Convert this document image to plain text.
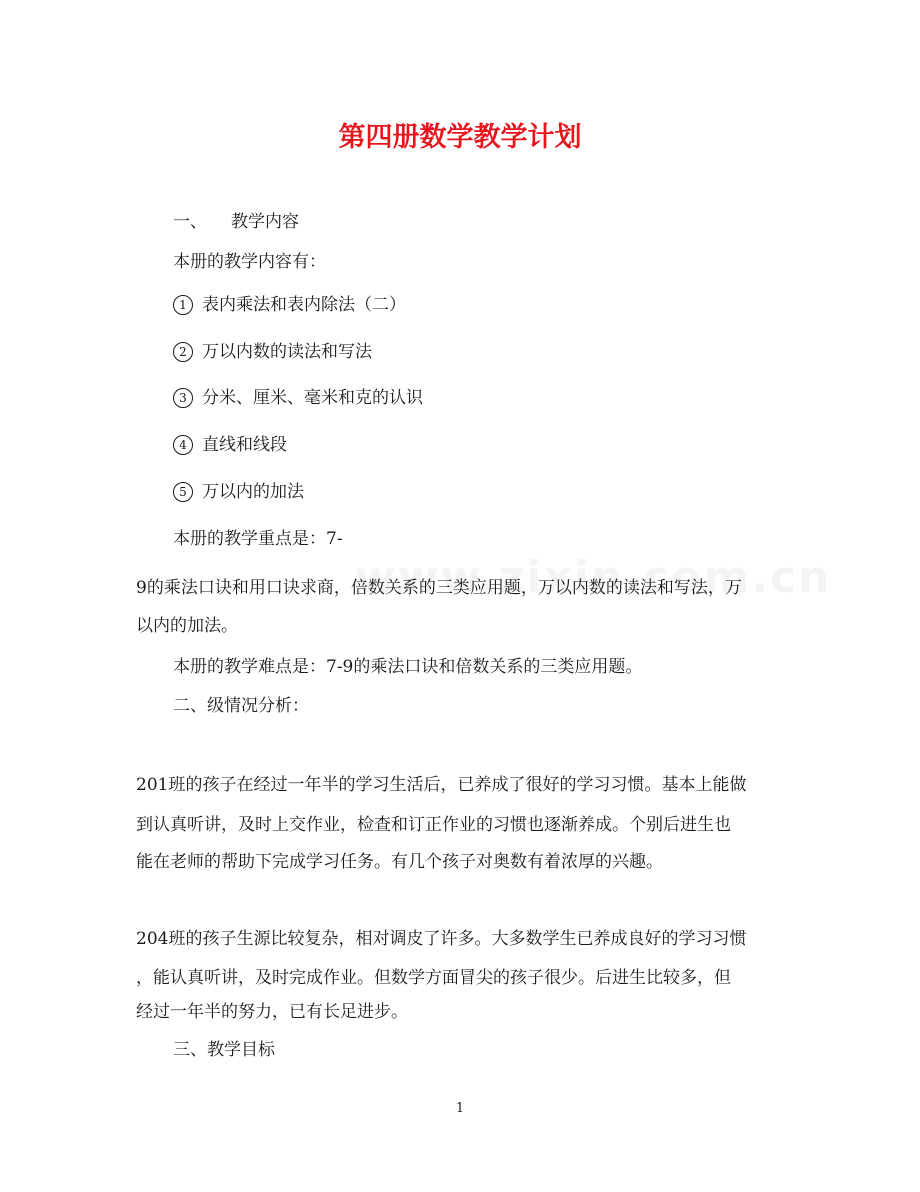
第四册数学教学计划
一、 教学内容
本册的教学内容有：
1 表内乘法和表内除法（二）
2 万以内数的读法和写法
3 分米、厘米、毫米和克的认识
4 直线和线段
5 万以内的加法
本册的教学重点是：7-
9的乘法口诀和用口诀求商，倍数关系的三类应用题，万以内数的读法和写法，万
以内的加法。
本册的教学难点是：7-9的乘法口诀和倍数关系的三类应用题。
二、级情况分析：
201班的孩子在经过一年半的学习生活后，已养成了很好的学习习惯。基本上能做
到认真听讲，及时上交作业，检查和订正作业的习惯也逐渐养成。个别后进生也
能在老师的帮助下完成学习任务。有几个孩子对奥数有着浓厚的兴趣。
204班的孩子生源比较复杂，相对调皮了许多。大多数学生已养成良好的学习习惯
，能认真听讲，及时完成作业。但数学方面冒尖的孩子很少。后进生比较多，但
经过一年半的努力，已有长足进步。
三、教学目标
1
